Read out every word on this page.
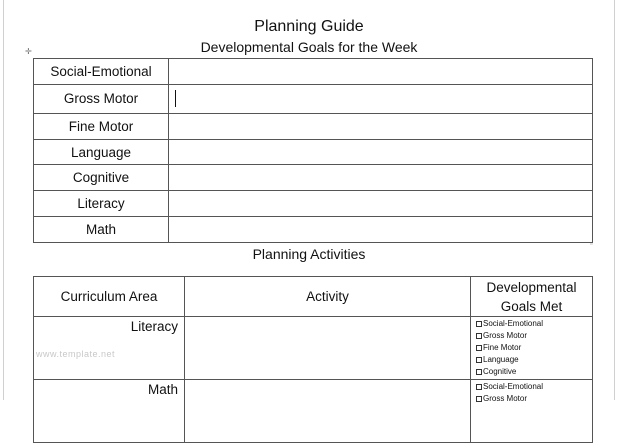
Planning Guide
Developmental Goals for the Week
✛
Social-Emotional	
Gross Motor	
Fine Motor	
Language	
Cognitive	
Literacy	
Math	
▫
Planning Activities
Curriculum Area	Activity	Developmental
Goals Met
Literacy		Social-Emotional
Gross Motor
Fine Motor
Language
Cognitive

Math		Social-Emotional
Gross Motor
www.template.net
